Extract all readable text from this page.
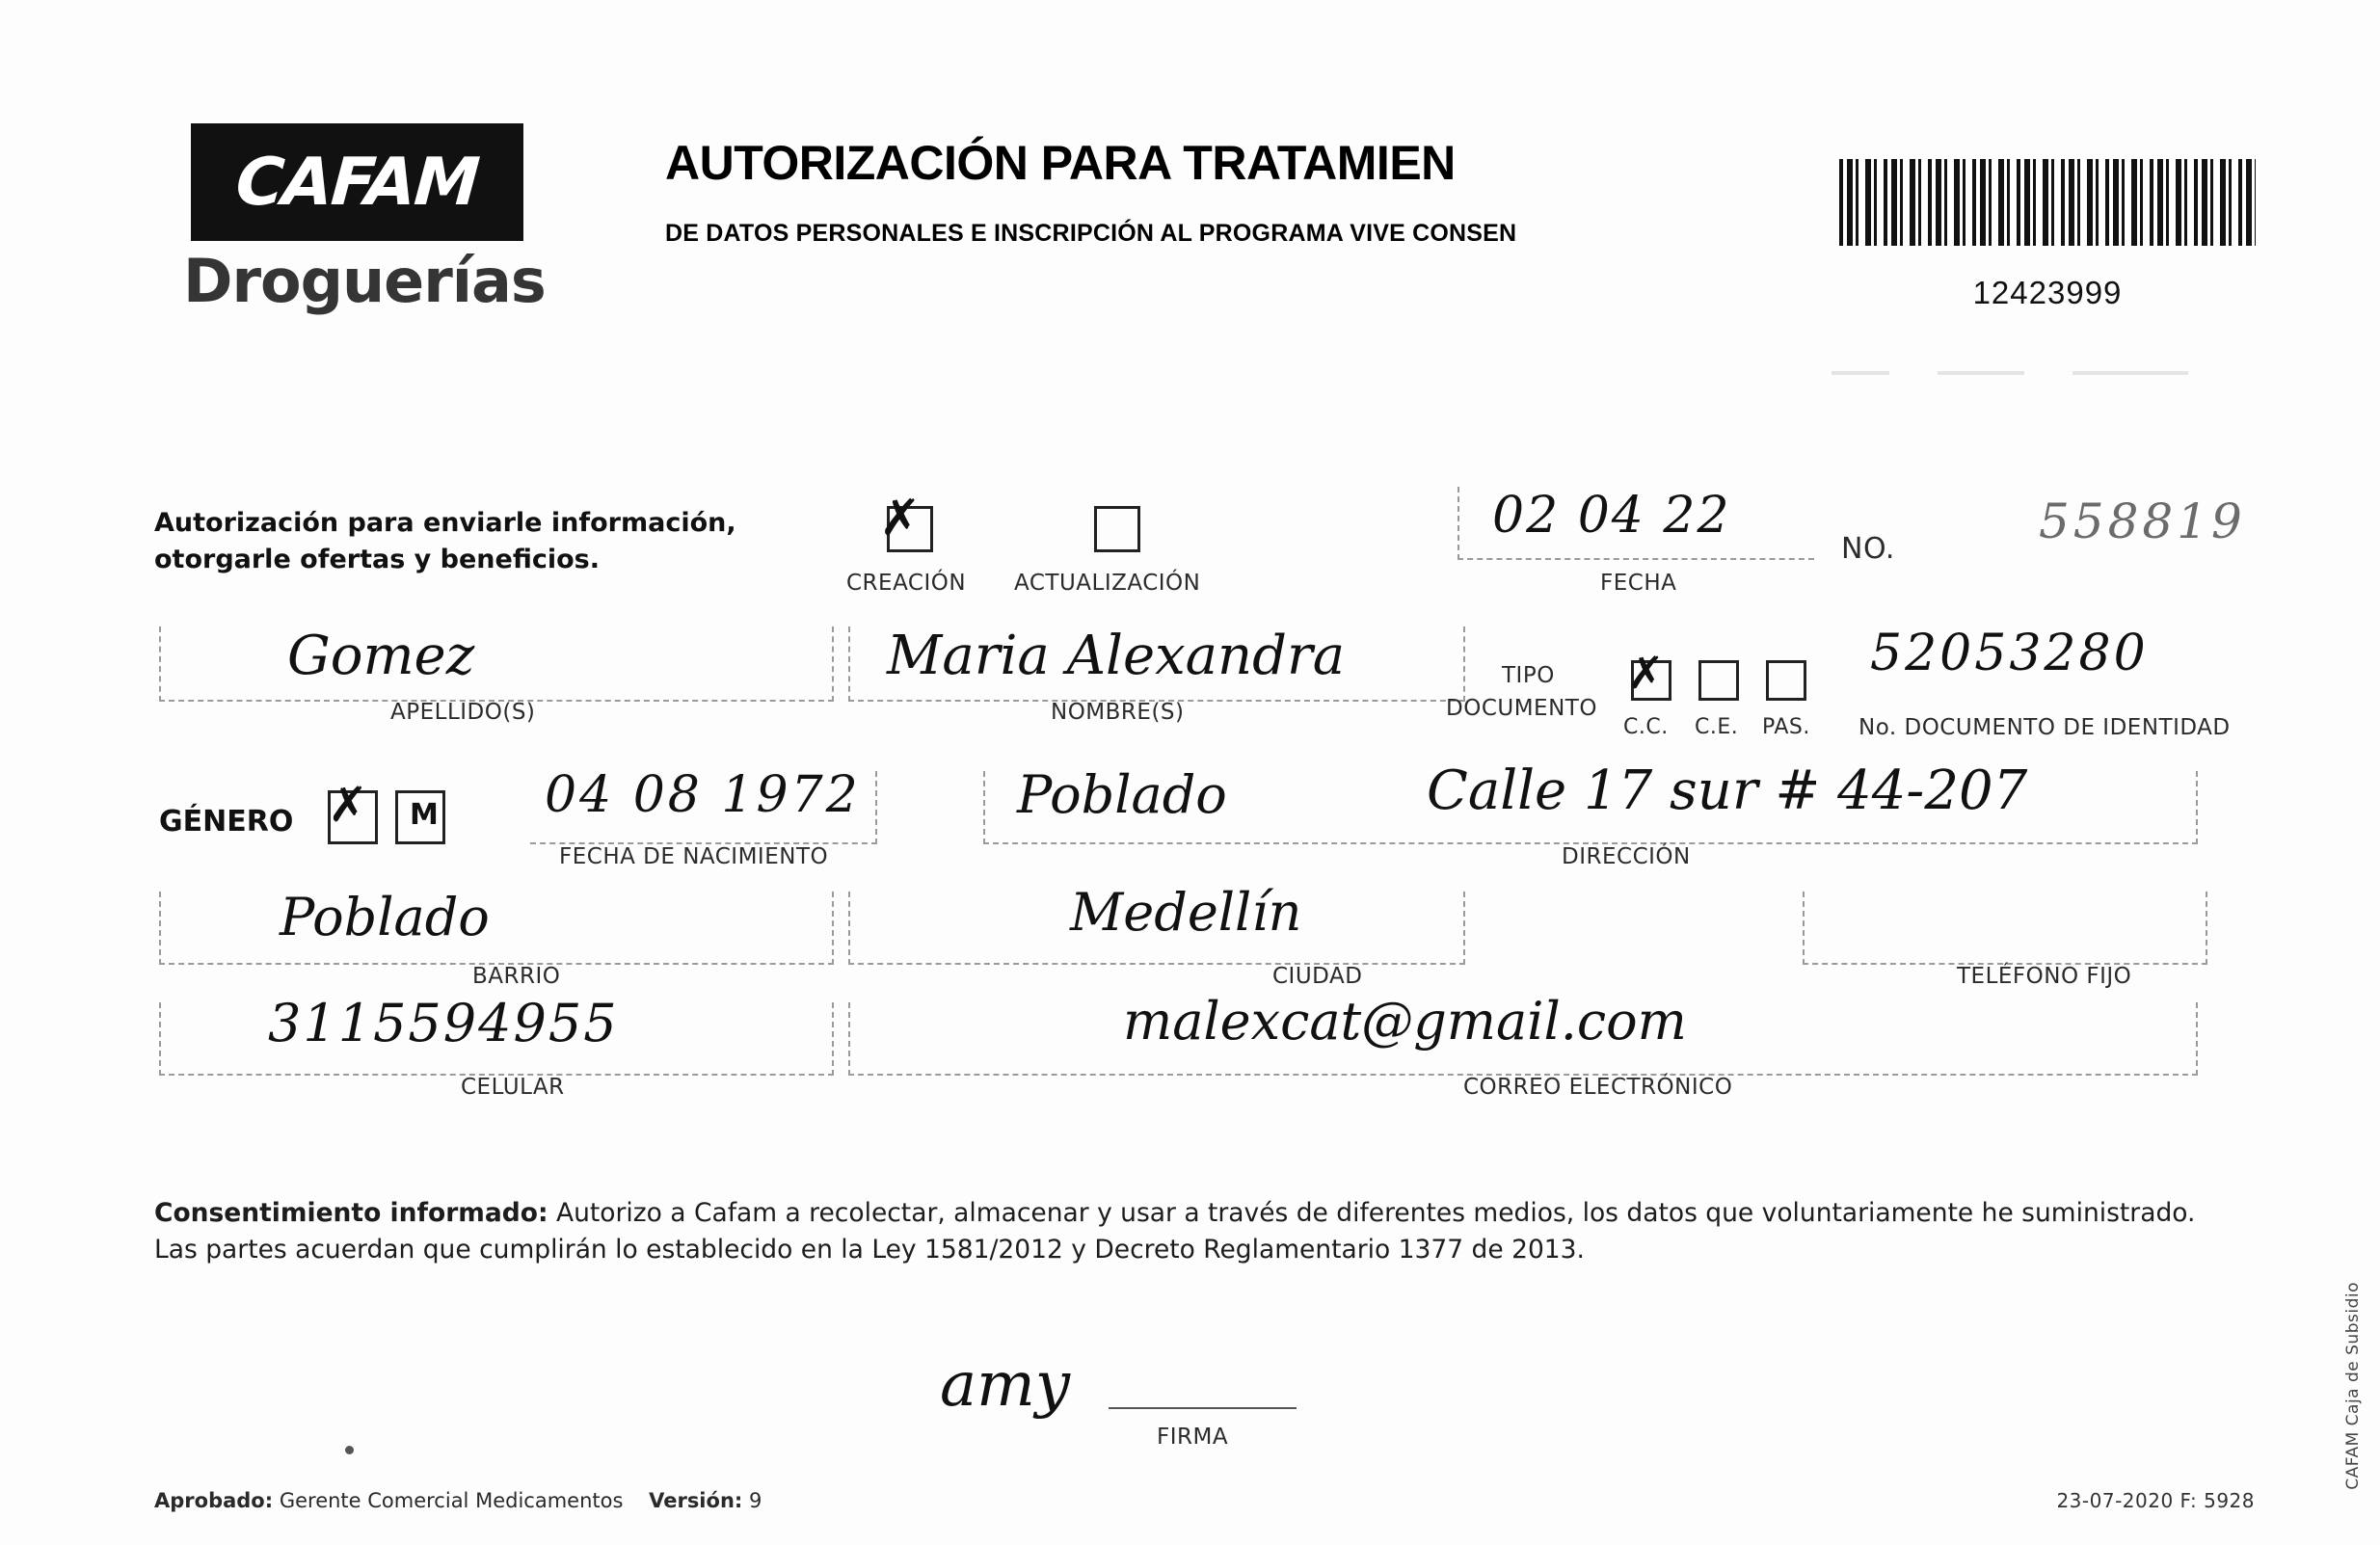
CAFAM
Droguerías
AUTORIZACIÓN PARA TRATAMIEN
DE DATOS PERSONALES E INSCRIPCIÓN AL PROGRAMA VIVE CONSEN
12423999
Autorización para enviarle información,
otorgarle ofertas y beneficios.
✗
CREACIÓN ACTUALIZACIÓN
02 04 22
FECHA
NO.	558819
Gomez
APELLIDO(S)
Maria Alexandra
NOMBRE(S)
TIPO
DOCUMENTO
✗
C.C. C.E. PAS.
52053280
No. DOCUMENTO DE IDENTIDAD
GÉNERO ✗ M 04 08 1972
FECHA DE NACIMIENTO
Poblado	Calle 17 sur # 44-207
DIRECCIÓN
Poblado
BARRIO
Medellín
CIUDAD	TELÉFONO FIJO
3115594955
CELULAR
malexcat@gmail.com
CORREO ELECTRÓNICO
Consentimiento informado: Autorizo a Cafam a recolectar, almacenar y usar a través de diferentes medios, los datos que voluntariamente he suministrado. Las partes acuerdan que cumplirán lo establecido en la Ley 1581/2012 y Decreto Reglamentario 1377 de 2013.
amy
FIRMA
Aprobado: Gerente Comercial Medicamentos Versión: 9	23-07-2020 F: 5928
CAFAM Caja de Subsidio
